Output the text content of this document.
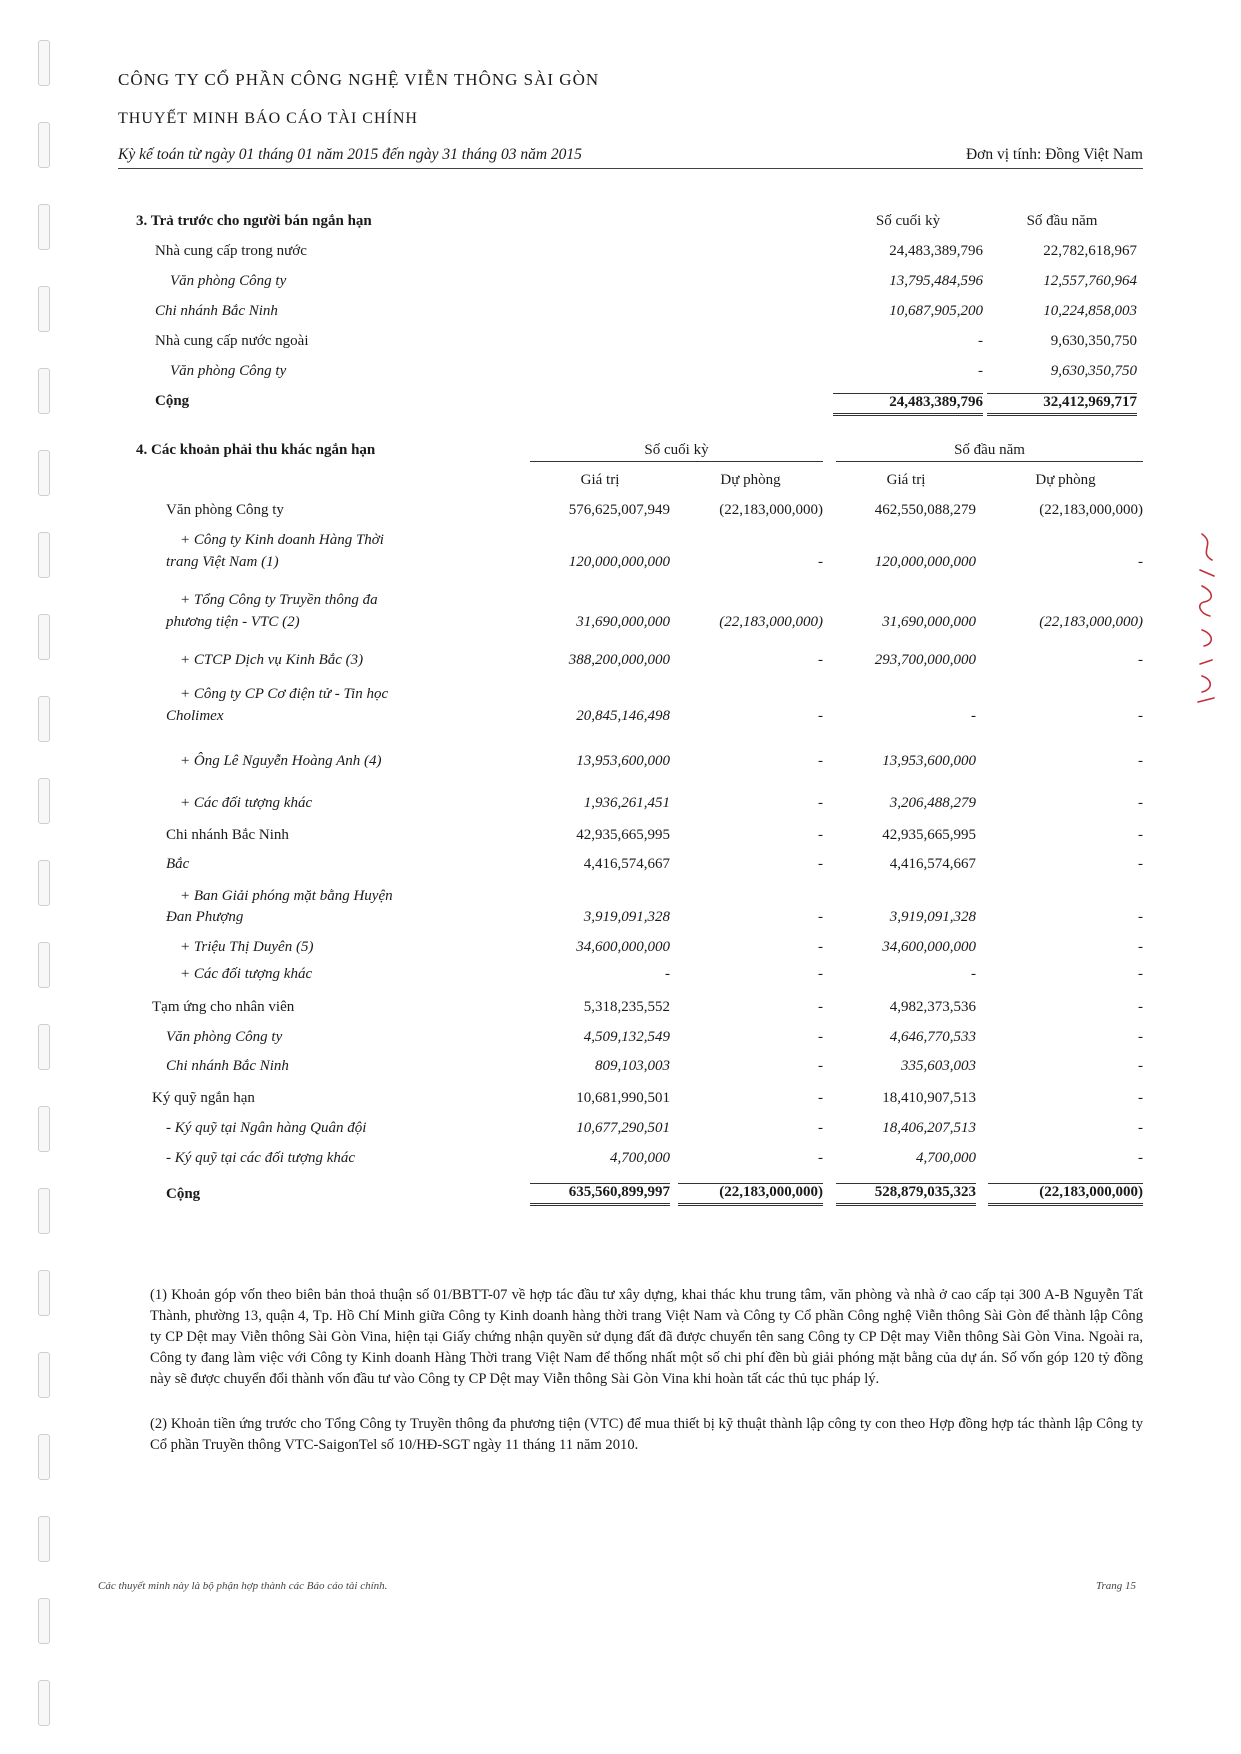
CÔNG TY CỔ PHẦN CÔNG NGHỆ VIỄN THÔNG SÀI GÒN
THUYẾT MINH BÁO CÁO TÀI CHÍNH
Kỳ kế toán từ ngày 01 tháng 01 năm 2015 đến ngày 31 tháng 03 năm 2015	Đơn vị tính: Đồng Việt Nam
3. Trả trước cho người bán ngắn hạn	Số cuối kỳ	Số đầu năm
Nhà cung cấp trong nước	24,483,389,796	22,782,618,967
Văn phòng Công ty	13,795,484,596	12,557,760,964
Chi nhánh Bắc Ninh	10,687,905,200	10,224,858,003
Nhà cung cấp nước ngoài	-	9,630,350,750
Văn phòng Công ty	-	9,630,350,750
Cộng	24,483,389,796	32,412,969,717
4. Các khoản phải thu khác ngắn hạn	Số cuối kỳ	Số đầu năm
Giá trị	Dự phòng	Giá trị	Dự phòng
Văn phòng Công ty	576,625,007,949	(22,183,000,000)	462,550,088,279	(22,183,000,000)
+ Công ty Kinh doanh Hàng Thời
trang Việt Nam (1)	120,000,000,000	-	120,000,000,000	-
+ Tổng Công ty Truyền thông đa
phương tiện - VTC (2)	31,690,000,000	(22,183,000,000)	31,690,000,000	(22,183,000,000)
+ CTCP Dịch vụ Kinh Bắc (3)	388,200,000,000	-	293,700,000,000	-
+ Công ty CP Cơ điện tử - Tin học
Cholimex	20,845,146,498	-	-	-
+ Ông Lê Nguyễn Hoàng Anh (4)	13,953,600,000	-	13,953,600,000	-
+ Các đối tượng khác	1,936,261,451	-	3,206,488,279	-
Chi nhánh Bắc Ninh	42,935,665,995	-	42,935,665,995	-
Bắc	4,416,574,667	-	4,416,574,667	-
+ Ban Giải phóng mặt bằng Huyện
Đan Phượng	3,919,091,328	-	3,919,091,328	-
+ Triệu Thị Duyên (5)	34,600,000,000	-	34,600,000,000	-
+ Các đối tượng khác	-	-	-	-
Tạm ứng cho nhân viên	5,318,235,552	-	4,982,373,536	-
Văn phòng Công ty	4,509,132,549	-	4,646,770,533	-
Chi nhánh Bắc Ninh	809,103,003	-	335,603,003	-
Ký quỹ ngắn hạn	10,681,990,501	-	18,410,907,513	-
- Ký quỹ tại Ngân hàng Quân đội	10,677,290,501	-	18,406,207,513	-
- Ký quỹ tại các đối tượng khác	4,700,000	-	4,700,000	-
Cộng	635,560,899,997	(22,183,000,000)	528,879,035,323	(22,183,000,000)

(1) Khoản góp vốn theo biên bản thoả thuận số 01/BBTT-07 về hợp tác đầu tư xây dựng, khai thác khu trung tâm, văn phòng và nhà ở cao cấp tại 300 A-B Nguyễn Tất Thành, phường 13, quận 4, Tp. Hồ Chí Minh giữa Công ty Kinh doanh hàng thời trang Việt Nam và Công ty Cổ phần Công nghệ Viễn thông Sài Gòn để thành lập Công ty CP Dệt may Viễn thông Sài Gòn Vina, hiện tại Giấy chứng nhận quyền sử dụng đất đã được chuyển tên sang Công ty CP Dệt may Viễn thông Sài Gòn Vina. Ngoài ra, Công ty đang làm việc với Công ty Kinh doanh Hàng Thời trang Việt Nam để thống nhất một số chi phí đền bù giải phóng mặt bằng của dự án. Số vốn góp 120 tỷ đồng này sẽ được chuyển đổi thành vốn đầu tư vào Công ty CP Dệt may Viễn thông Sài Gòn Vina khi hoàn tất các thủ tục pháp lý.

(2) Khoản tiền ứng trước cho Tổng Công ty Truyền thông đa phương tiện (VTC) để mua thiết bị kỹ thuật thành lập công ty con theo Hợp đồng hợp tác thành lập Công ty Cổ phần Truyền thông VTC-SaigonTel số 10/HĐ-SGT ngày 11 tháng 11 năm 2010.

Các thuyết minh này là bộ phận hợp thành các Báo cáo tài chính.	Trang 15
